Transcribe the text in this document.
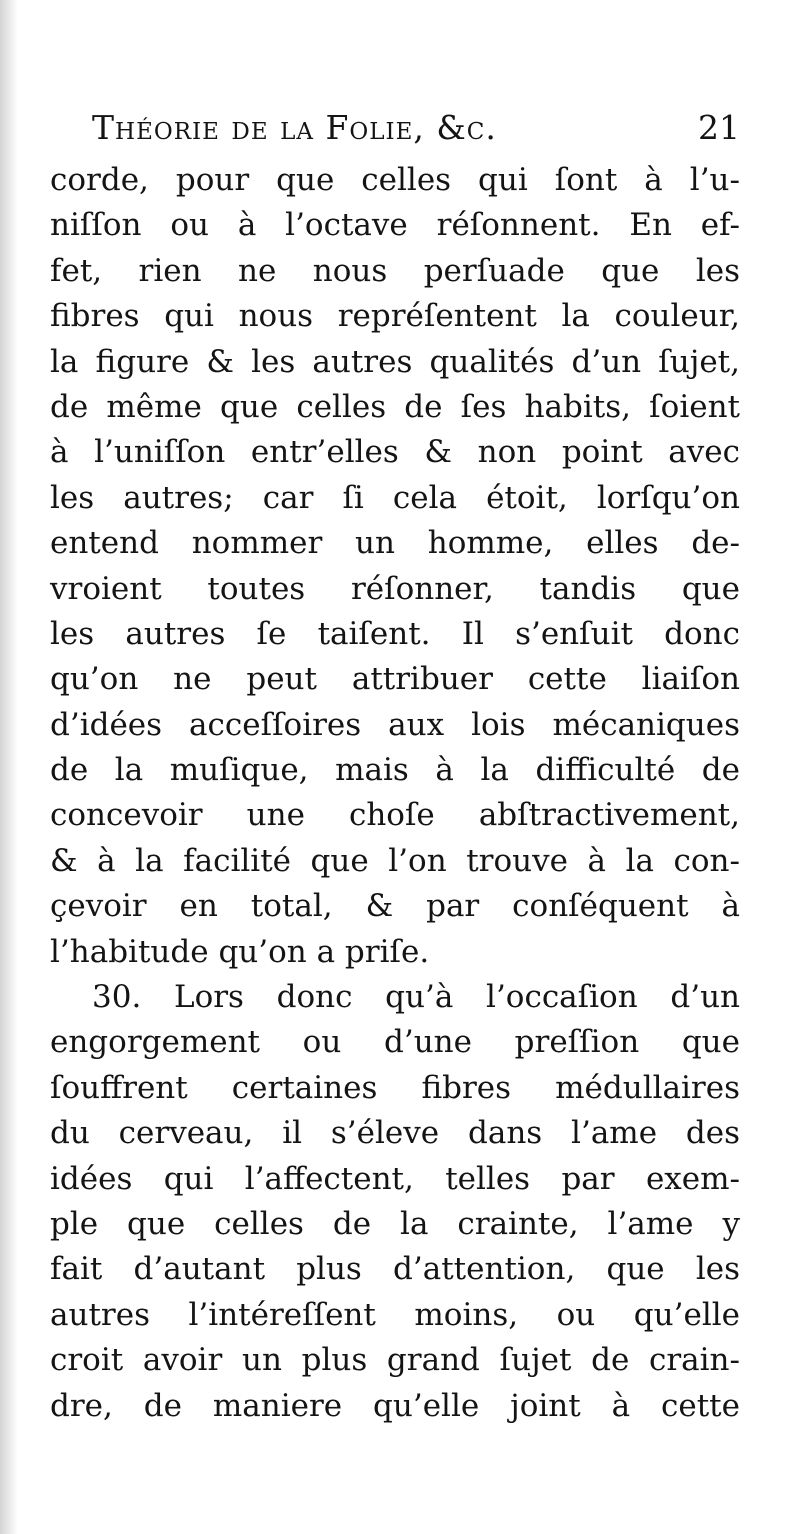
Théorie de la Folie, &c.	21
corde, pour que celles qui ſont à l’u-
niſſon ou à l’octave réſonnent. En ef-
fet, rien ne nous perſuade que les
fibres qui nous repréſentent la couleur,
la figure & les autres qualités d’un ſujet,
de même que celles de ſes habits, ſoient
à l’uniſſon entr’elles & non point avec
les autres; car ſi cela étoit, lorſqu’on
entend nommer un homme, elles de-
vroient toutes réſonner, tandis que
les autres ſe taiſent. Il s’enſuit donc
qu’on ne peut attribuer cette liaiſon
d’idées acceſſoires aux lois mécaniques
de la muſique, mais à la difficulté de
concevoir une choſe abſtractivement,
& à la facilité que l’on trouve à la con-
çevoir en total, & par conſéquent à
l’habitude qu’on a priſe.
30. Lors donc qu’à l’occaſion d’un
engorgement ou d’une preſſion que
ſouffrent certaines fibres médullaires
du cerveau, il s’éleve dans l’ame des
idées qui l’affectent, telles par exem-
ple que celles de la crainte, l’ame y
fait d’autant plus d’attention, que les
autres l’intéreſſent moins, ou qu’elle
croit avoir un plus grand ſujet de crain-
dre, de maniere qu’elle joint à cette
